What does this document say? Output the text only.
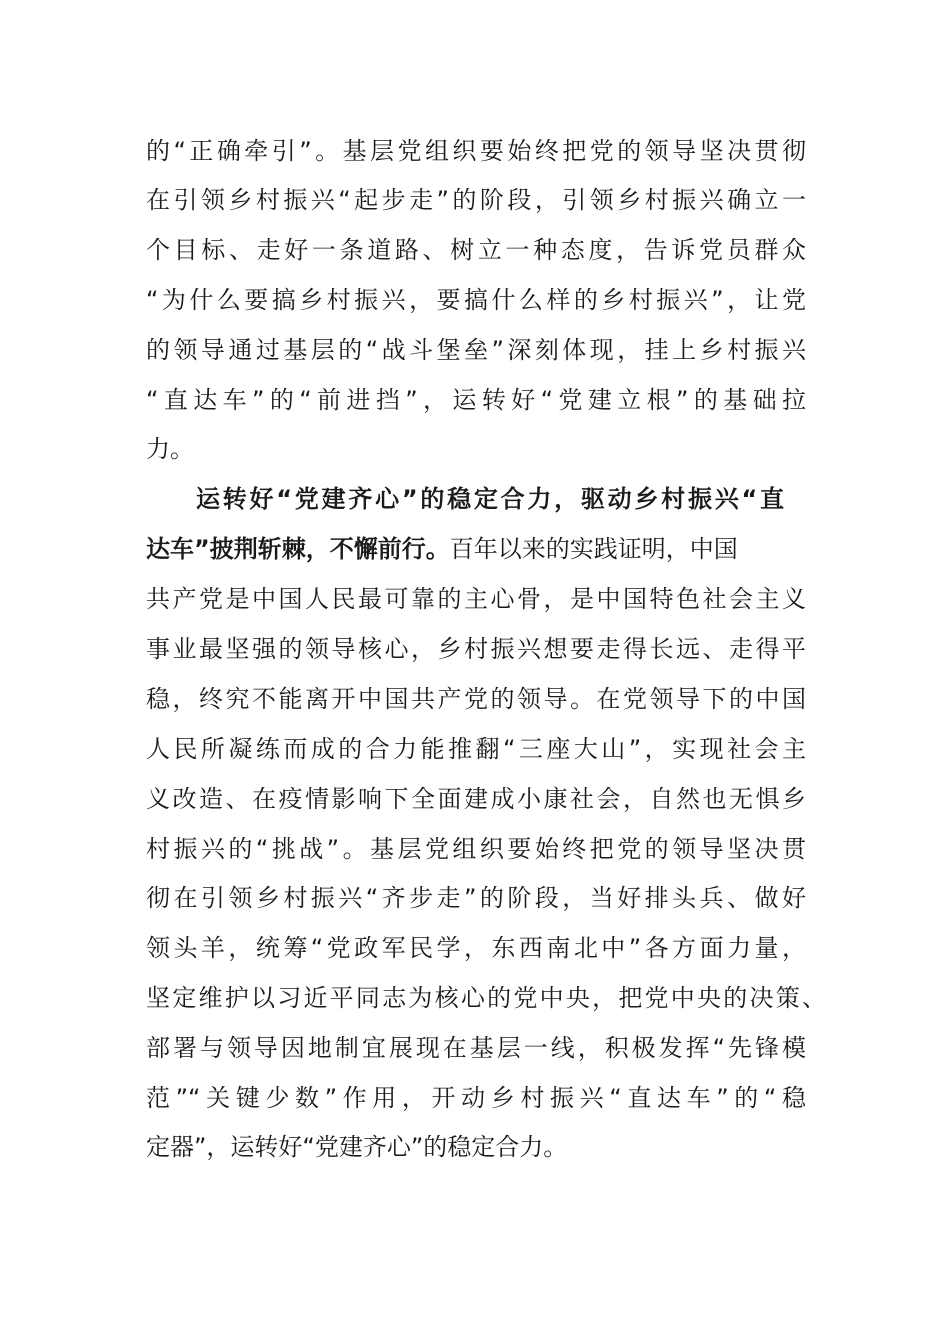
的“正确牵引”。基层党组织要始终把党的领导坚决贯彻
在引领乡村振兴“起步走”的阶段，引领乡村振兴确立一
个目标、走好一条道路、树立一种态度，告诉党员群众
“为什么要搞乡村振兴，要搞什么样的乡村振兴”，让党
的领导通过基层的“战斗堡垒”深刻体现，挂上乡村振兴
“直达车”的“前进挡”，运转好“党建立根”的基础拉
力。
运转好“党建齐心”的稳定合力，驱动乡村振兴“直
达车”披荆斩棘，不懈前行。百年以来的实践证明，中国
共产党是中国人民最可靠的主心骨，是中国特色社会主义
事业最坚强的领导核心，乡村振兴想要走得长远、走得平
稳，终究不能离开中国共产党的领导。在党领导下的中国
人民所凝练而成的合力能推翻“三座大山”，实现社会主
义改造、在疫情影响下全面建成小康社会，自然也无惧乡
村振兴的“挑战”。基层党组织要始终把党的领导坚决贯
彻在引领乡村振兴“齐步走”的阶段，当好排头兵、做好
领头羊，统筹“党政军民学，东西南北中”各方面力量，
坚定维护以习近平同志为核心的党中央，把党中央的决策、
部署与领导因地制宜展现在基层一线，积极发挥“先锋模
范”“关键少数”作用，开动乡村振兴“直达车”的“稳
定器”，运转好“党建齐心”的稳定合力。
